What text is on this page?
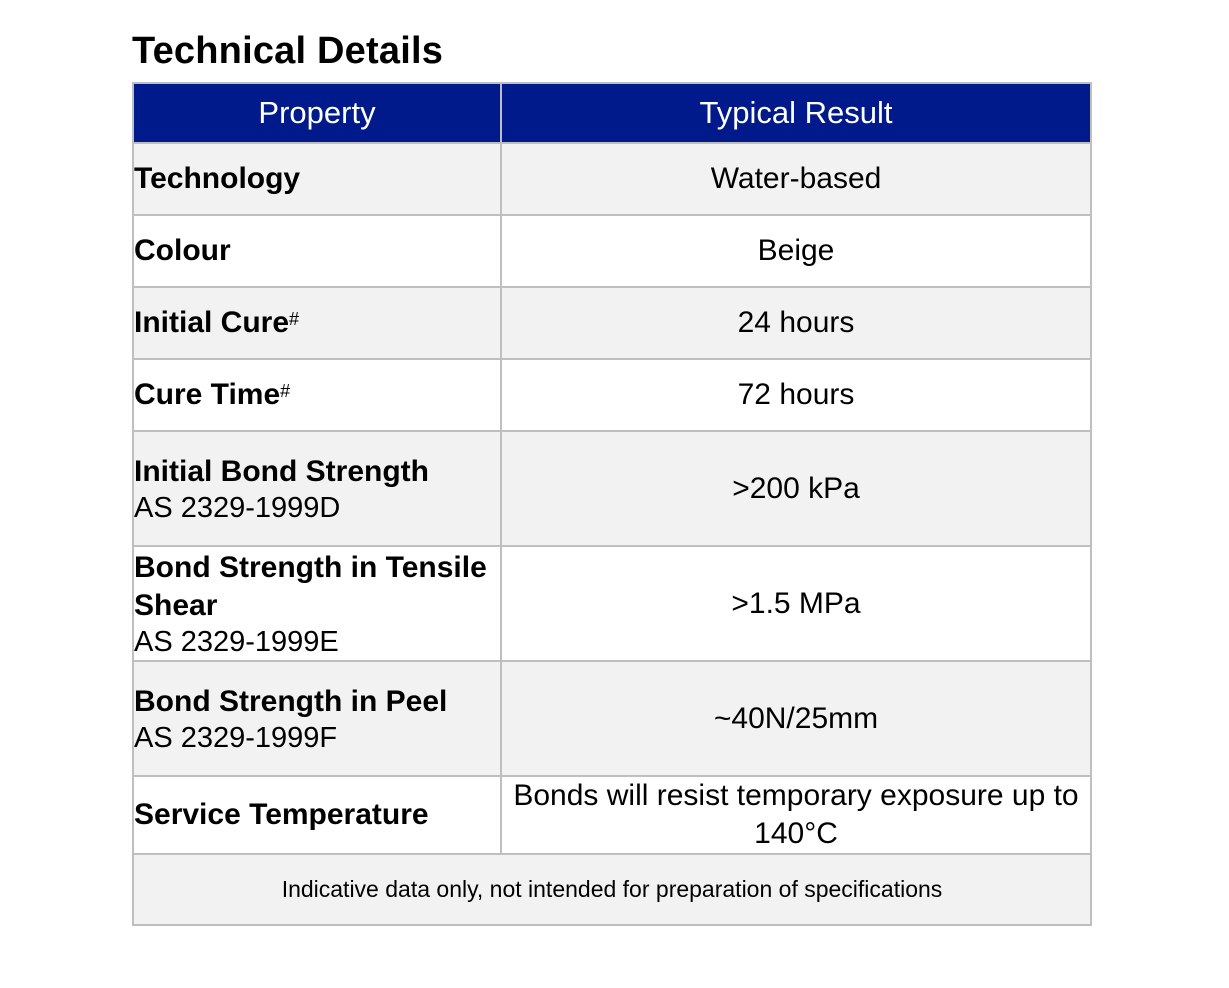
Technical Details
Property	Typical Result

Technology	Water-based

Colour	Beige

Initial Cure#	24 hours

Cure Time#	72 hours

Initial Bond Strength
AS 2329-1999D	>200 kPa

Bond Strength in Tensile Shear
AS 2329-1999E	>1.5 MPa

Bond Strength in Peel
AS 2329-1999F	~40N/25mm

Service Temperature	Bonds will resist temporary exposure up to 140°C
Indicative data only, not intended for preparation of specifications	
